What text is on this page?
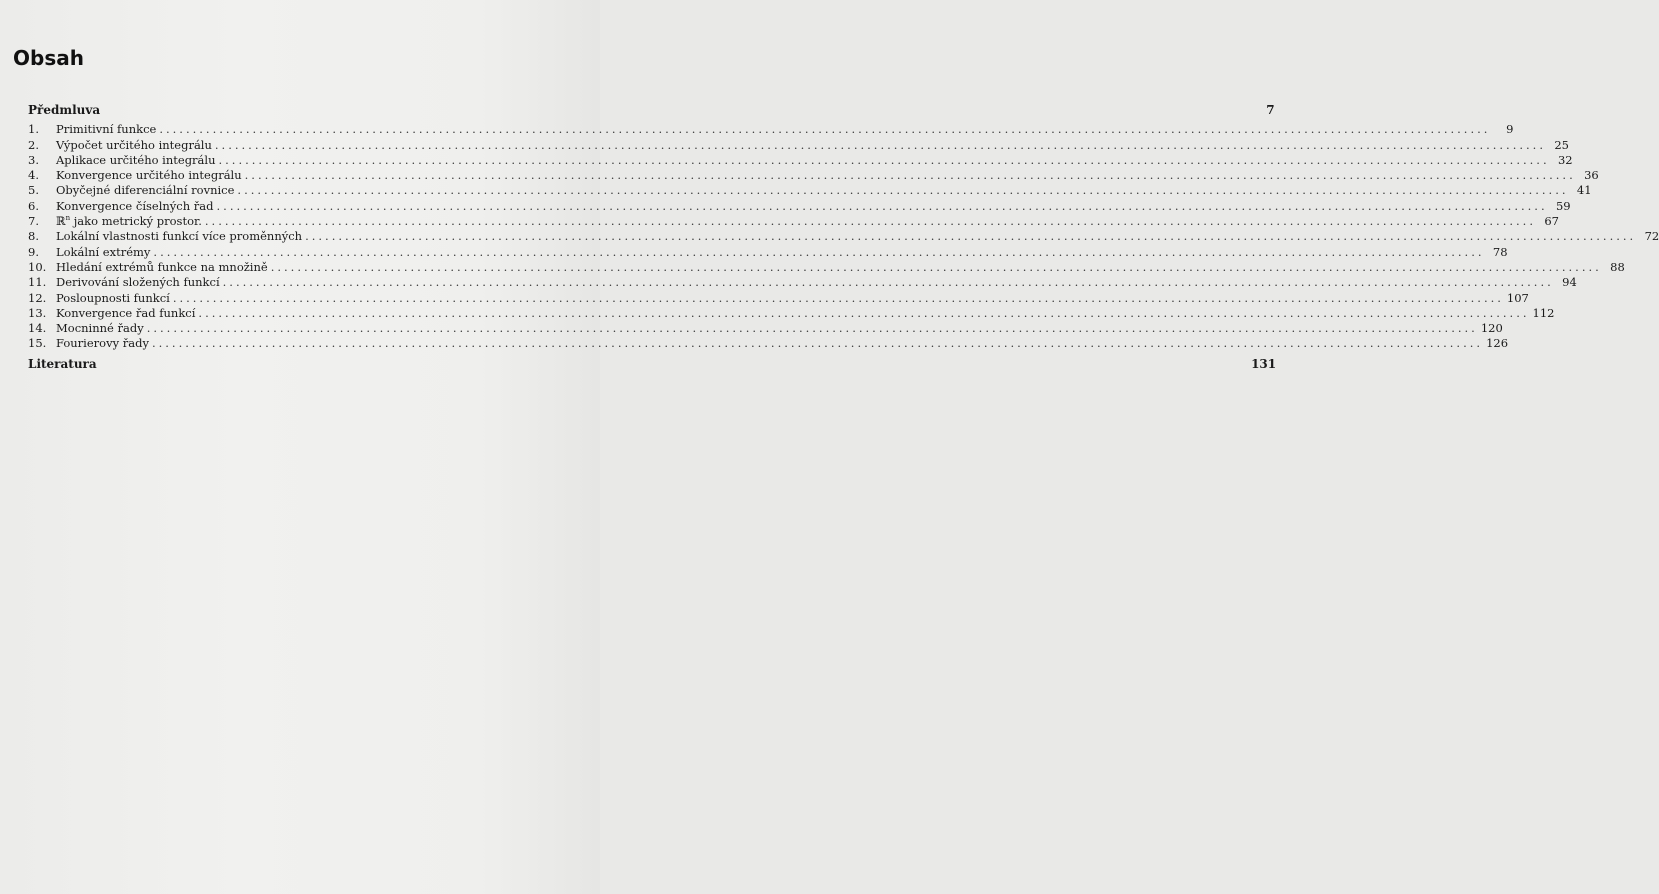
Obsah
Předmluva	7
1.	Primitivní funkce ........................................................................................................................................................................................................	9
2.	Výpočet určitého integrálu ........................................................................................................................................................................................................ 25
3.	Aplikace určitého integrálu ........................................................................................................................................................................................................ 32
4.	Konvergence určitého integrálu ........................................................................................................................................................................................................ 36
5.	Obyčejné diferenciální rovnice ........................................................................................................................................................................................................ 41
6.	Konvergence číselných řad ........................................................................................................................................................................................................ 59
7.	ℝ$^n$ jako metrický prostor. ........................................................................................................................................................................................................ 67
8.	Lokální vlastnosti funkcí více proměnných ........................................................................................................................................................................................................ 72
9.	Lokální extrémy ........................................................................................................................................................................................................ 78
10. Hledání extrémů funkce na množině ........................................................................................................................................................................................................ 88
11. Derivování složených funkcí ........................................................................................................................................................................................................ 94
12. Posloupnosti funkcí ........................................................................................................................................................................................................ 107
13. Konvergence řad funkcí ........................................................................................................................................................................................................ 112
14. Mocninné řady ........................................................................................................................................................................................................ 120
15. Fourierovy řady ........................................................................................................................................................................................................ 126
Literatura	131
